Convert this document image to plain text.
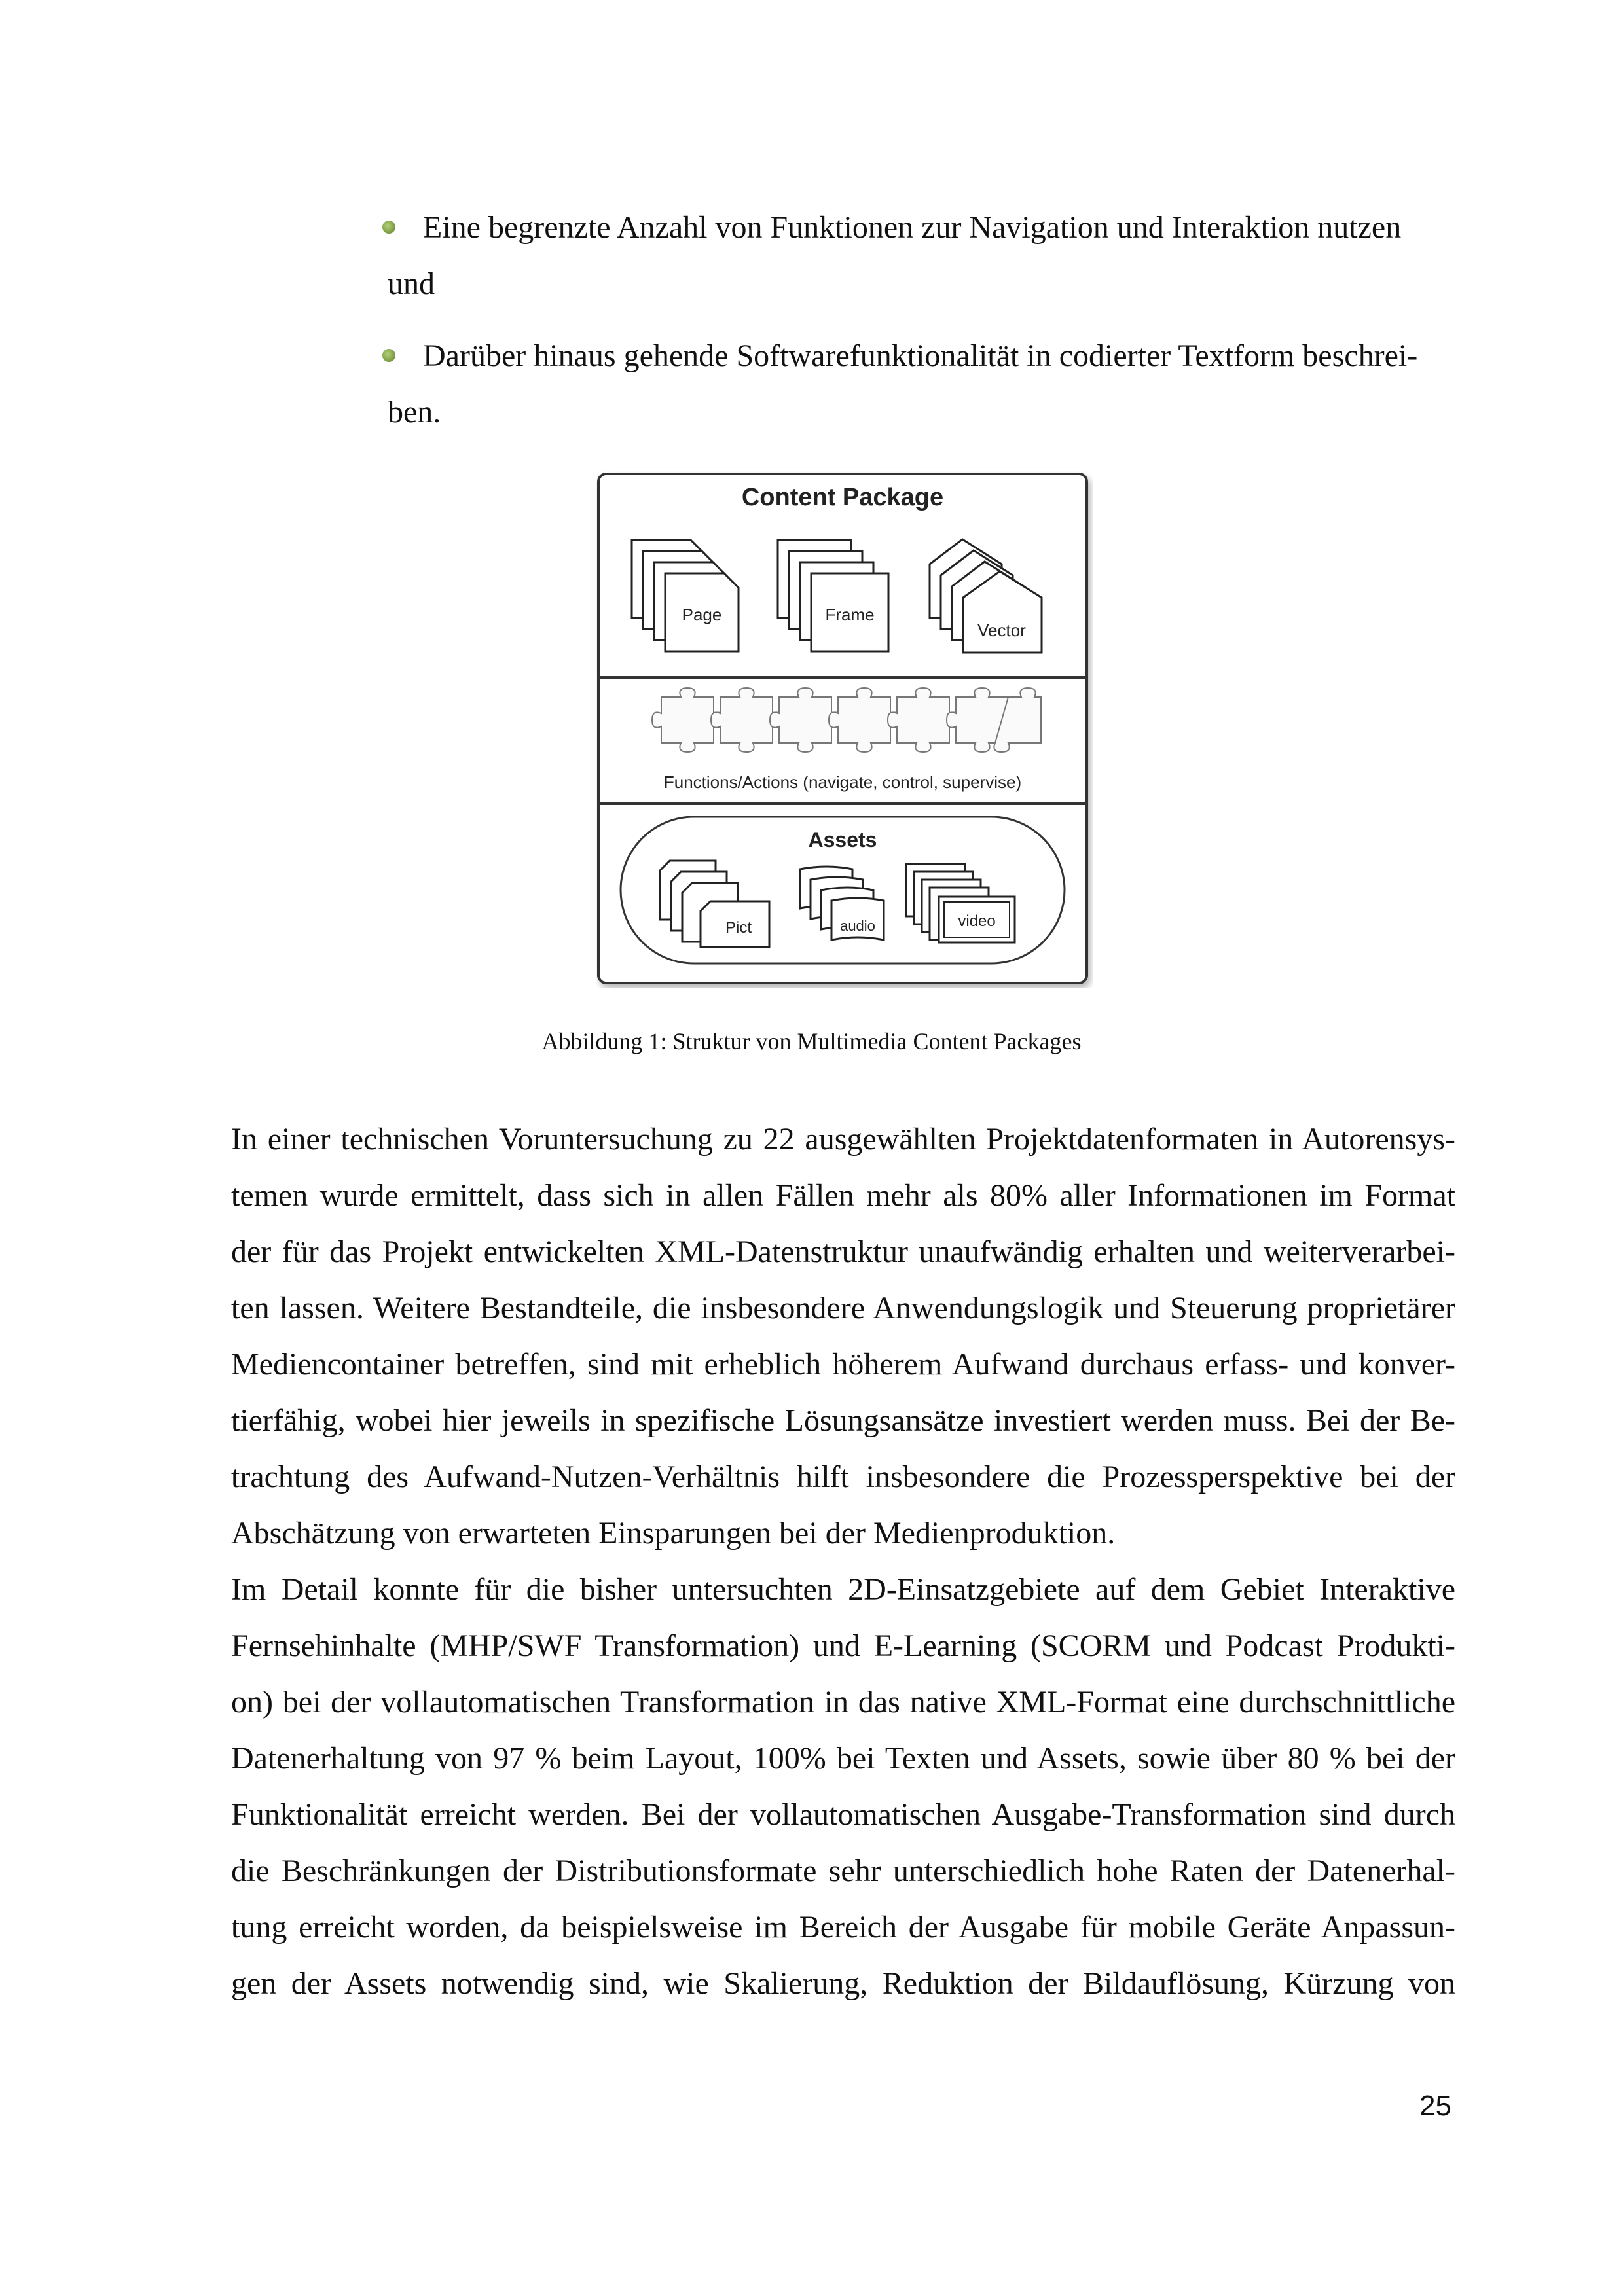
Eine begrenzte Anzahl von Funktionen zur Navigation und Interaktion nutzen
und
Darüber hinaus gehende Softwarefunktionalität in codierter Textform beschrei-
ben.
Content Package
Page	Frame
Vector
Functions/Actions (navigate, control, supervise)
Assets
Pict	audio	video
Abbildung 1: Struktur von Multimedia Content Packages
In einer technischen Voruntersuchung zu 22 ausgewählten Projektdatenformaten in Autorensys-
temen wurde ermittelt, dass sich in allen Fällen mehr als 80% aller Informationen im Format
der für das Projekt entwickelten XML-Datenstruktur unaufwändig erhalten und weiterverarbei-
ten lassen. Weitere Bestandteile, die insbesondere Anwendungslogik und Steuerung proprietärer
Mediencontainer betreffen, sind mit erheblich höherem Aufwand durchaus erfass- und konver-
tierfähig, wobei hier jeweils in spezifische Lösungsansätze investiert werden muss. Bei der Be-
trachtung des Aufwand-Nutzen-Verhältnis hilft insbesondere die Prozessperspektive bei der
Abschätzung von erwarteten Einsparungen bei der Medienproduktion.
Im Detail konnte für die bisher untersuchten 2D-Einsatzgebiete auf dem Gebiet Interaktive
Fernsehinhalte (MHP/SWF Transformation) und E-Learning (SCORM und Podcast Produkti-
on) bei der vollautomatischen Transformation in das native XML-Format eine durchschnittliche
Datenerhaltung von 97 % beim Layout, 100% bei Texten und Assets, sowie über 80 % bei der
Funktionalität erreicht werden. Bei der vollautomatischen Ausgabe-Transformation sind durch
die Beschränkungen der Distributionsformate sehr unterschiedlich hohe Raten der Datenerhal-
tung erreicht worden, da beispielsweise im Bereich der Ausgabe für mobile Geräte Anpassun-
gen der Assets notwendig sind, wie Skalierung, Reduktion der Bildauflösung, Kürzung von
25
